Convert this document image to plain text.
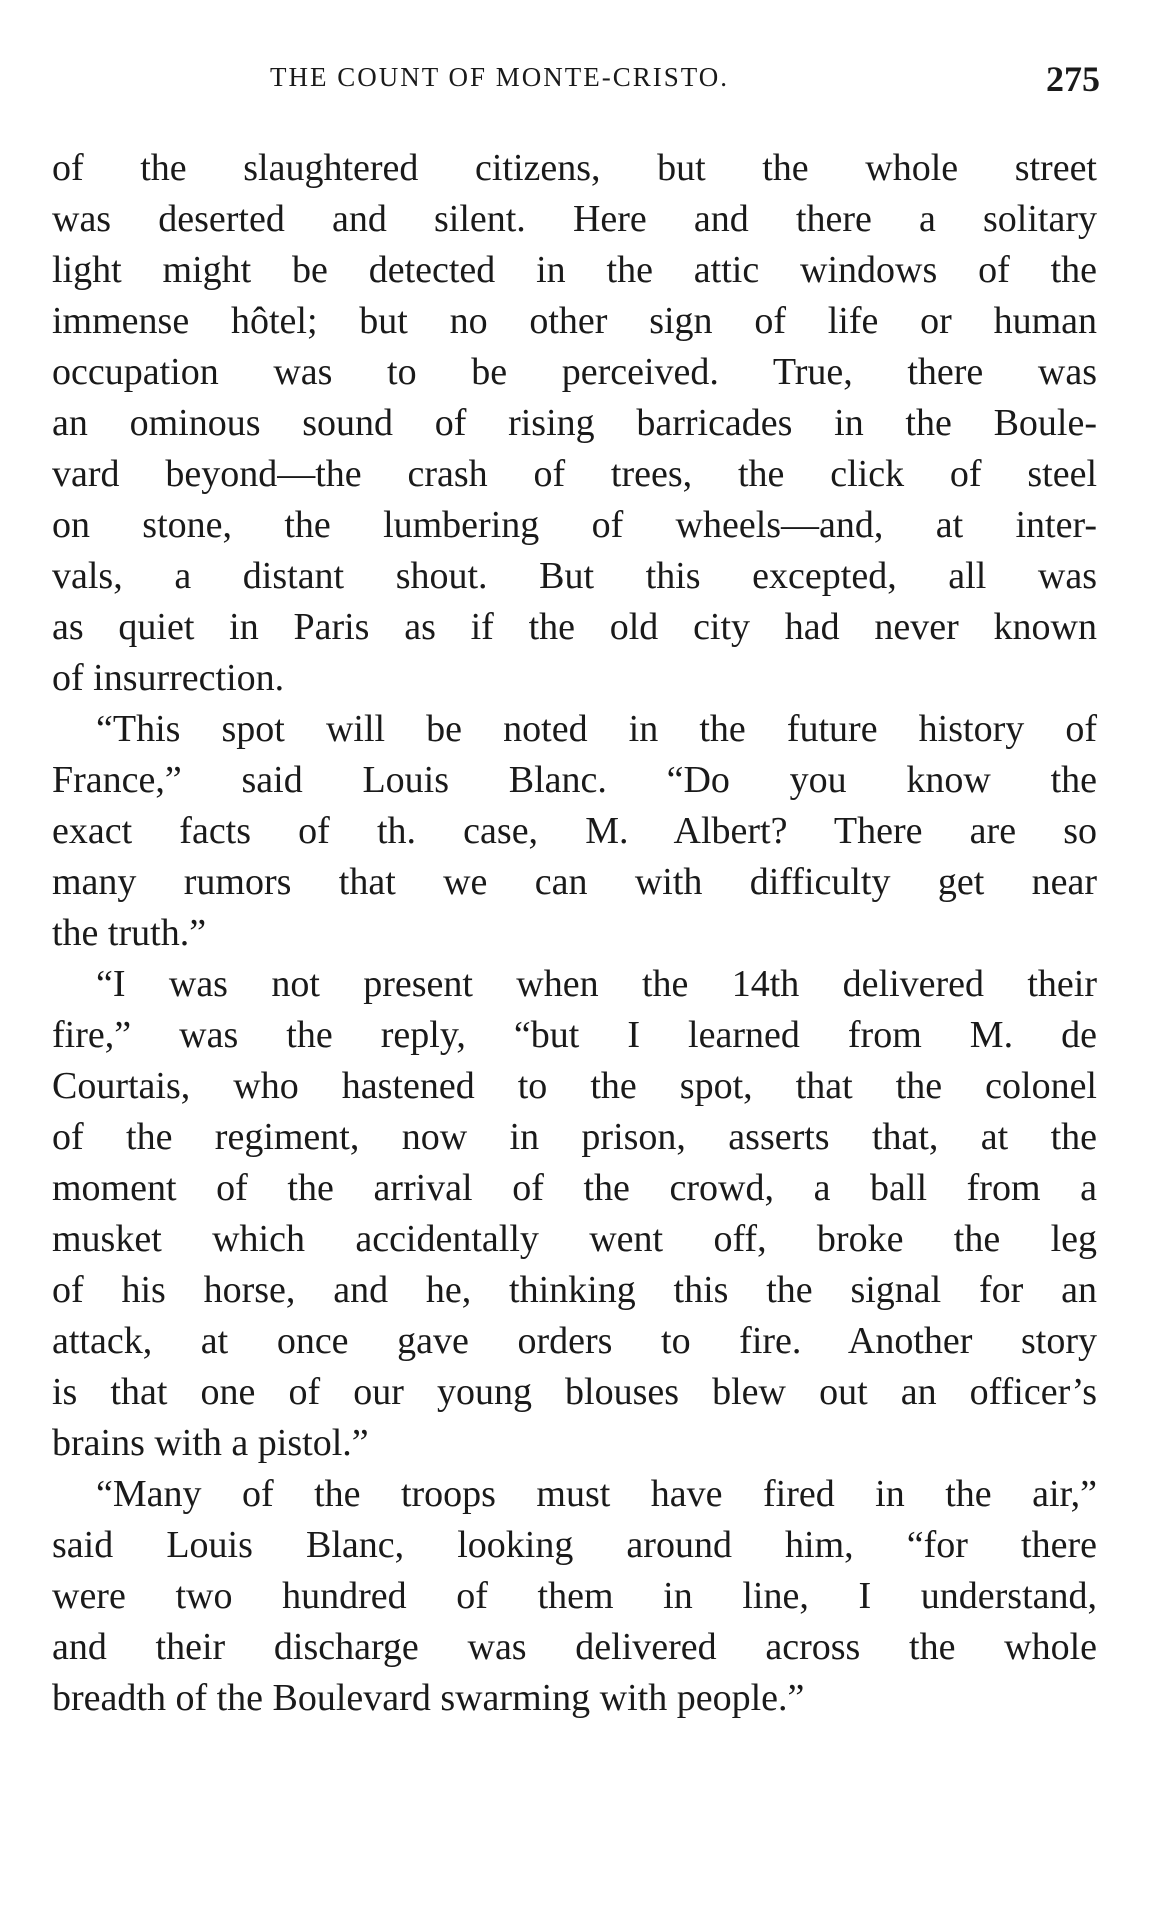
THE COUNT OF MONTE-CRISTO.	275
of the slaughtered citizens, but the whole street
was deserted and silent. Here and there a solitary
light might be detected in the attic windows of the
immense hôtel; but no other sign of life or human
occupation was to be perceived. True, there was
an ominous sound of rising barricades in the Boule-
vard beyond—the crash of trees, the click of steel
on stone, the lumbering of wheels—and, at inter-
vals, a distant shout. But this excepted, all was
as quiet in Paris as if the old city had never known
of insurrection.
“This spot will be noted in the future history of
France,” said Louis Blanc. “Do you know the
exact facts of th. case, M. Albert? There are so
many rumors that we can with difficulty get near
the truth.”
“I was not present when the 14th delivered their
fire,” was the reply, “but I learned from M. de
Courtais, who hastened to the spot, that the colonel
of the regiment, now in prison, asserts that, at the
moment of the arrival of the crowd, a ball from a
musket which accidentally went off, broke the leg
of his horse, and he, thinking this the signal for an
attack, at once gave orders to fire. Another story
is that one of our young blouses blew out an officer’s
brains with a pistol.”
“Many of the troops must have fired in the air,”
said Louis Blanc, looking around him, “for there
were two hundred of them in line, I understand,
and their discharge was delivered across the whole
breadth of the Boulevard swarming with people.”
